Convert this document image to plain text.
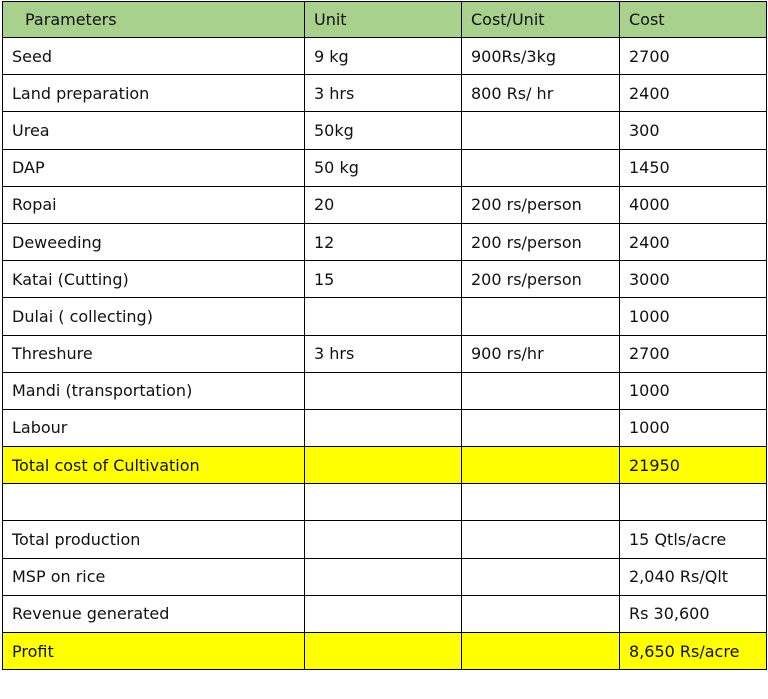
Parameters	Unit	Cost/Unit	Cost
Seed	9 kg	900Rs/3kg	2700
Land preparation	3 hrs	800 Rs/ hr	2400
Urea	50kg		300
DAP	50 kg		1450
Ropai	20	200 rs/person	4000
Deweeding	12	200 rs/person	2400
Katai (Cutting)	15	200 rs/person	3000
Dulai ( collecting)			1000
Threshure	3 hrs	900 rs/hr	2700
Mandi (transportation)			1000
Labour			1000
Total cost of Cultivation			21950

Total production			15 Qtls/acre
MSP on rice			2,040 Rs/Qlt
Revenue generated			Rs 30,600
Profit			8,650 Rs/acre
